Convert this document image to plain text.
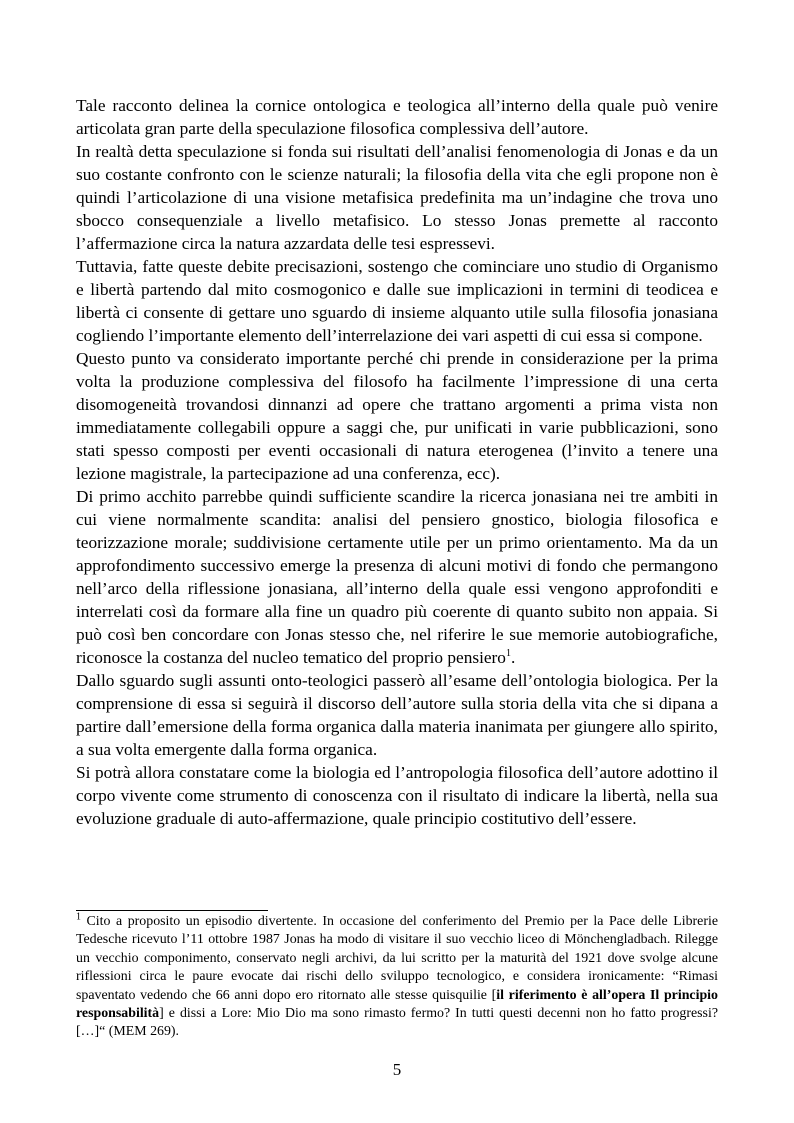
Tale racconto delinea la cornice ontologica e teologica all’interno della quale può venire articolata gran parte della speculazione filosofica complessiva dell’autore.

In realtà detta speculazione si fonda sui risultati dell’analisi fenomenologia di Jonas e da un suo costante confronto con le scienze naturali; la filosofia della vita che egli propone non è quindi l’articolazione di una visione metafisica predefinita ma un’indagine che trova uno sbocco consequenziale a livello metafisico. Lo stesso Jonas premette al racconto l’affermazione circa la natura azzardata delle tesi espressevi.

Tuttavia, fatte queste debite precisazioni, sostengo che cominciare uno studio di Organismo e libertà partendo dal mito cosmogonico e dalle sue implicazioni in termini di teodicea e libertà ci consente di gettare uno sguardo di insieme alquanto utile sulla filosofia jonasiana cogliendo l’importante elemento dell’interrelazione dei vari aspetti di cui essa si compone.

Questo punto va considerato importante perché chi prende in considerazione per la prima volta la produzione complessiva del filosofo ha facilmente l’impressione di una certa disomogeneità trovandosi dinnanzi ad opere che trattano argomenti a prima vista non immediatamente collegabili oppure a saggi che, pur unificati in varie pubblicazioni, sono stati spesso composti per eventi occasionali di natura eterogenea (l’invito a tenere una lezione magistrale, la partecipazione ad una conferenza, ecc).

Di primo acchito parrebbe quindi sufficiente scandire la ricerca jonasiana nei tre ambiti in cui viene normalmente scandita: analisi del pensiero gnostico, biologia filosofica e teorizzazione morale; suddivisione certamente utile per un primo orientamento. Ma da un approfondimento successivo emerge la presenza di alcuni motivi di fondo che permangono nell’arco della riflessione jonasiana, all’interno della quale essi vengono approfonditi e interrelati così da formare alla fine un quadro più coerente di quanto subito non appaia. Si può così ben concordare con Jonas stesso che, nel riferire le sue memorie autobiografiche, riconosce la costanza del nucleo tematico del proprio pensiero$^1$.

Dallo sguardo sugli assunti onto-teologici passerò all’esame dell’ontologia biologica. Per la comprensione di essa si seguirà il discorso dell’autore sulla storia della vita che si dipana a partire dall’emersione della forma organica dalla materia inanimata per giungere allo spirito, a sua volta emergente dalla forma organica.

Si potrà allora constatare come la biologia ed l’antropologia filosofica dell’autore adottino il corpo vivente come strumento di conoscenza con il risultato di indicare la libertà, nella sua evoluzione graduale di auto-affermazione, quale principio costitutivo dell’essere.

$^1$ Cito a proposito un episodio divertente. In occasione del conferimento del Premio per la Pace delle Librerie Tedesche ricevuto l’11 ottobre 1987 Jonas ha modo di visitare il suo vecchio liceo di Mönchengladbach. Rilegge un vecchio componimento, conservato negli archivi, da lui scritto per la maturità del 1921 dove svolge alcune riflessioni circa le paure evocate dai rischi dello sviluppo tecnologico, e considera ironicamente: “Rimasi spaventato vedendo che 66 anni dopo ero ritornato alle stesse quisquilie [il riferimento è all’opera Il principio responsabilità] e dissi a Lore: Mio Dio ma sono rimasto fermo? In tutti questi decenni non ho fatto progressi? […]“ (MEM 269).

5
